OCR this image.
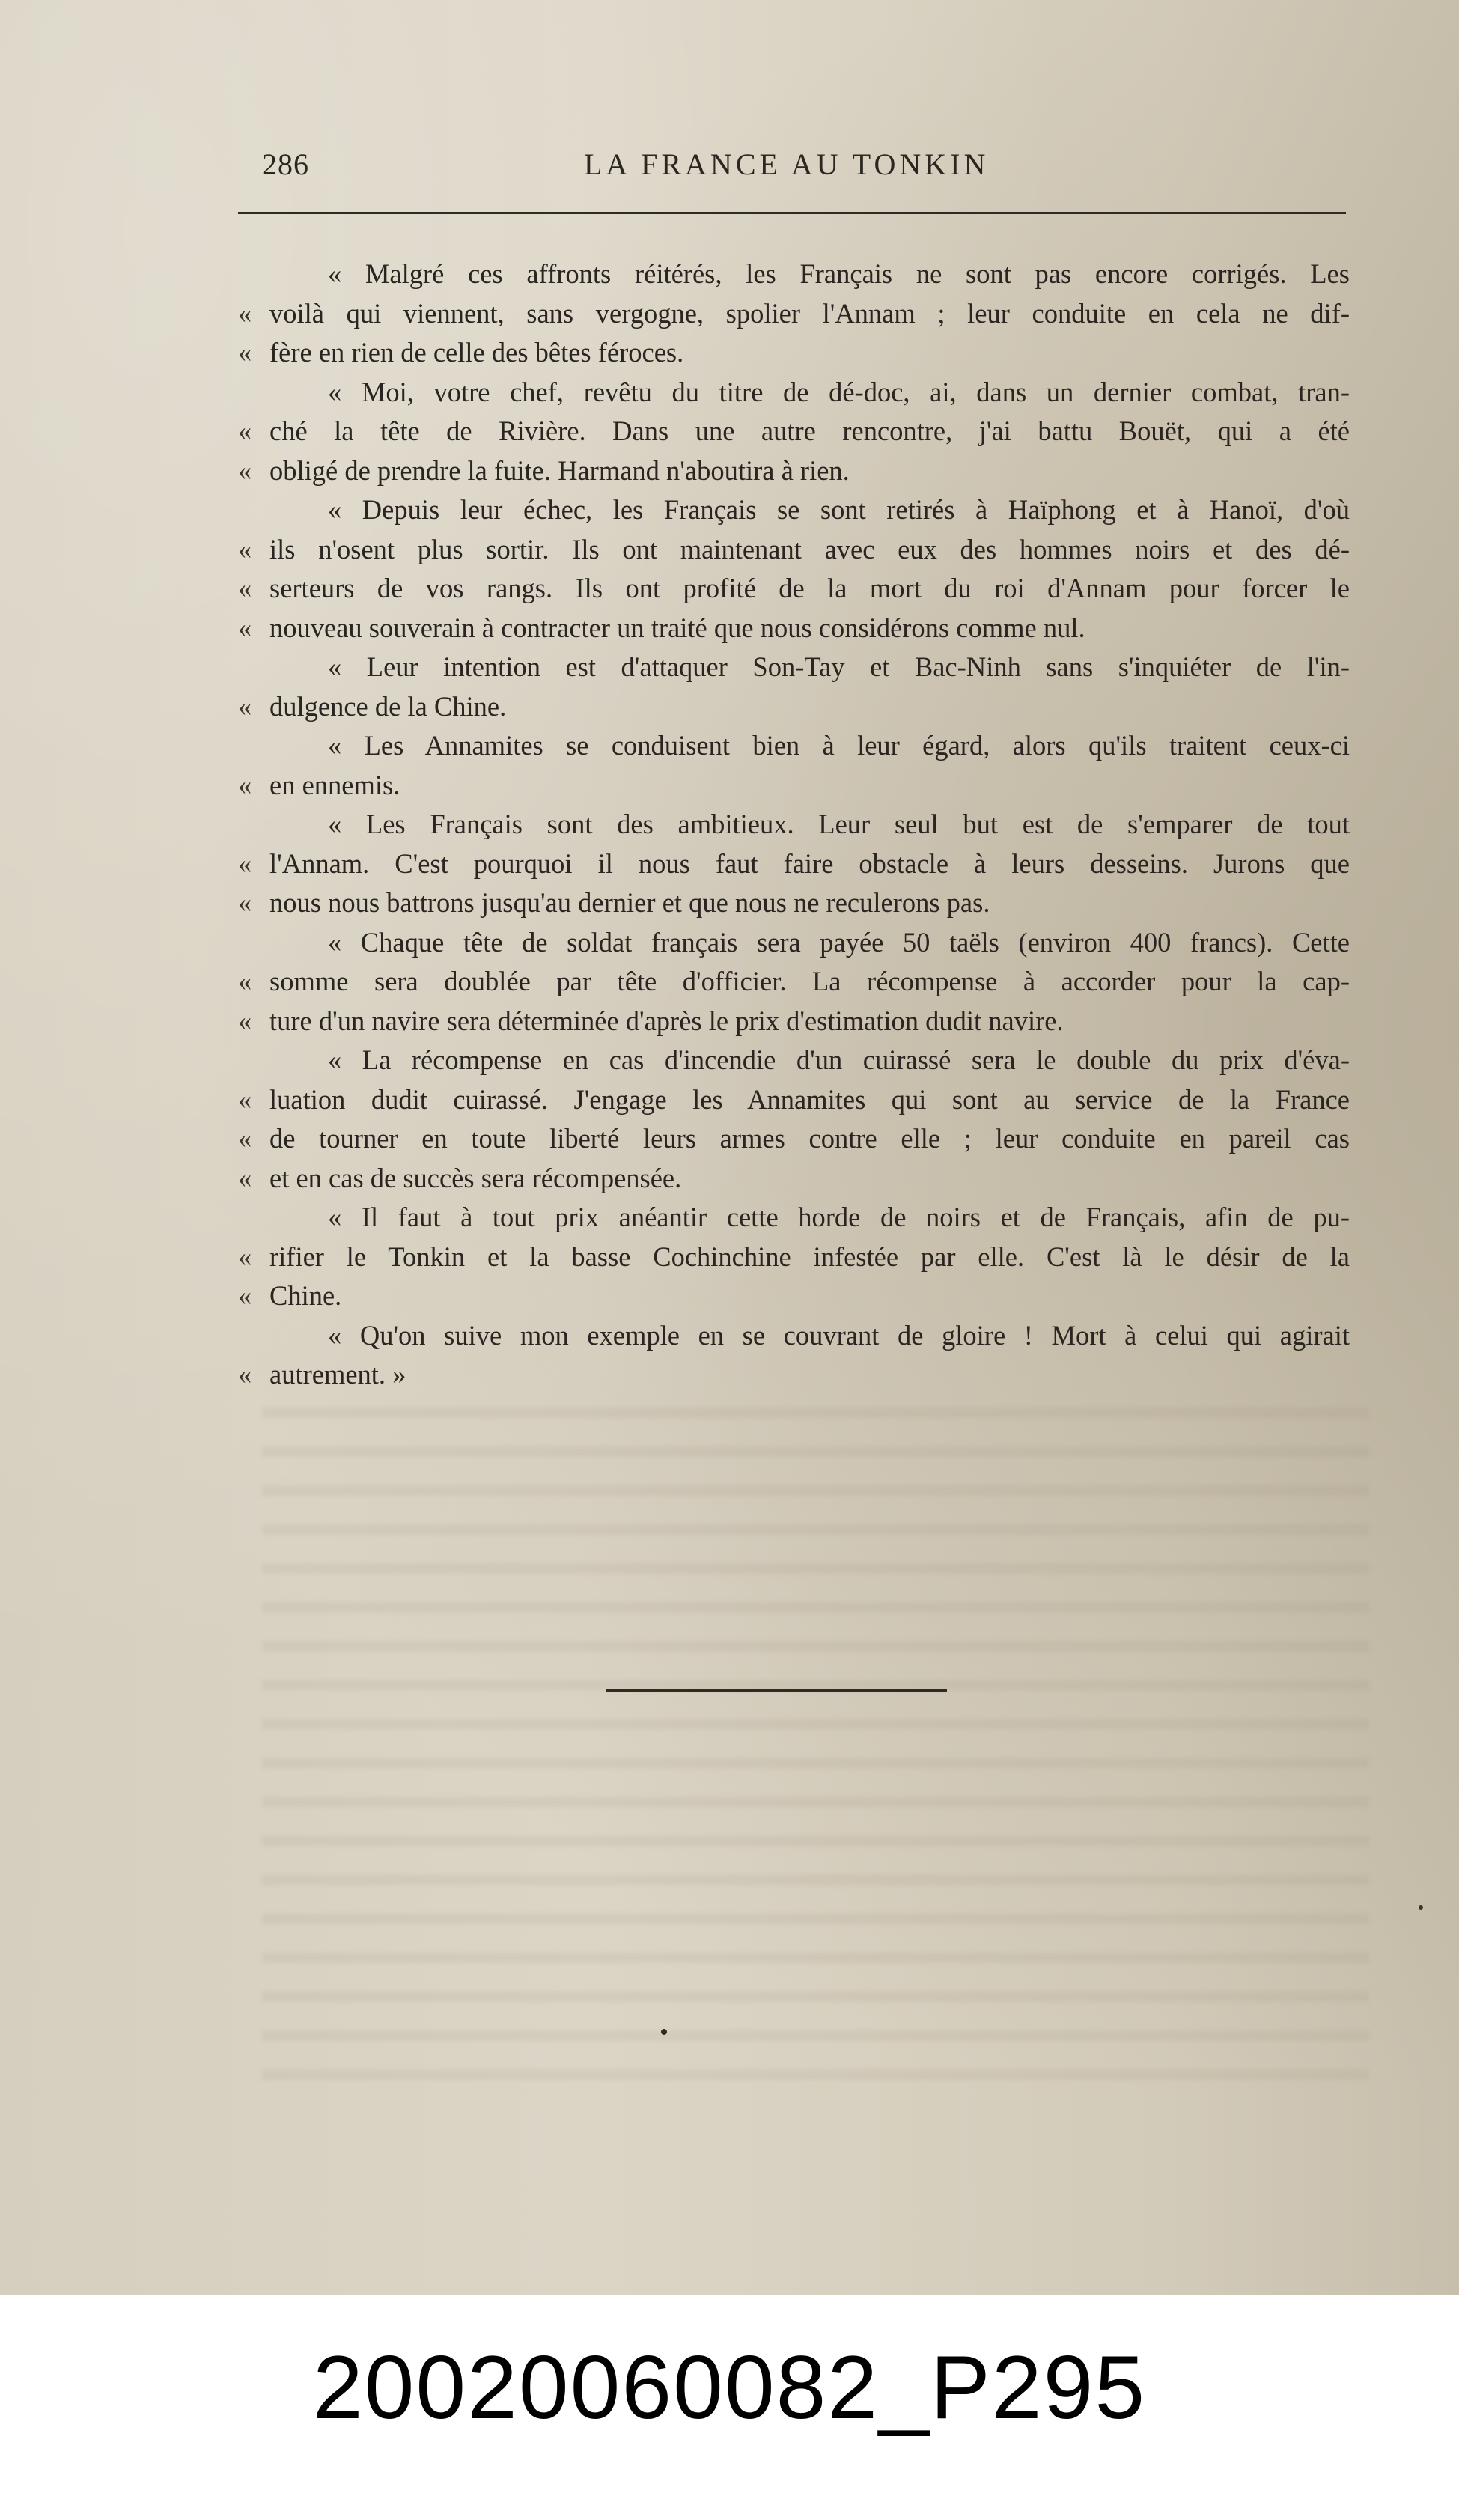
286	LA FRANCE AU TONKIN
« Malgré ces affronts réitérés, les Français ne sont pas encore corrigés. Les
« voilà qui viennent, sans vergogne, spolier l'Annam ; leur conduite en cela ne dif-
« fère en rien de celle des bêtes féroces.
« Moi, votre chef, revêtu du titre de dé-doc, ai, dans un dernier combat, tran-
« ché la tête de Rivière. Dans une autre rencontre, j'ai battu Bouët, qui a été
« obligé de prendre la fuite. Harmand n'aboutira à rien.
« Depuis leur échec, les Français se sont retirés à Haïphong et à Hanoï, d'où
« ils n'osent plus sortir. Ils ont maintenant avec eux des hommes noirs et des dé-
« serteurs de vos rangs. Ils ont profité de la mort du roi d'Annam pour forcer le
« nouveau souverain à contracter un traité que nous considérons comme nul.
« Leur intention est d'attaquer Son-Tay et Bac-Ninh sans s'inquiéter de l'in-
« dulgence de la Chine.
« Les Annamites se conduisent bien à leur égard, alors qu'ils traitent ceux-ci
« en ennemis.
« Les Français sont des ambitieux. Leur seul but est de s'emparer de tout
« l'Annam. C'est pourquoi il nous faut faire obstacle à leurs desseins. Jurons que
« nous nous battrons jusqu'au dernier et que nous ne reculerons pas.
« Chaque tête de soldat français sera payée 50 taëls (environ 400 francs). Cette
« somme sera doublée par tête d'officier. La récompense à accorder pour la cap-
« ture d'un navire sera déterminée d'après le prix d'estimation dudit navire.
« La récompense en cas d'incendie d'un cuirassé sera le double du prix d'éva-
« luation dudit cuirassé. J'engage les Annamites qui sont au service de la France
« de tourner en toute liberté leurs armes contre elle ; leur conduite en pareil cas
« et en cas de succès sera récompensée.
« Il faut à tout prix anéantir cette horde de noirs et de Français, afin de pu-
« rifier le Tonkin et la basse Cochinchine infestée par elle. C'est là le désir de la
« Chine.
« Qu'on suive mon exemple en se couvrant de gloire ! Mort à celui qui agirait
« autrement. »
20020060082_P295
